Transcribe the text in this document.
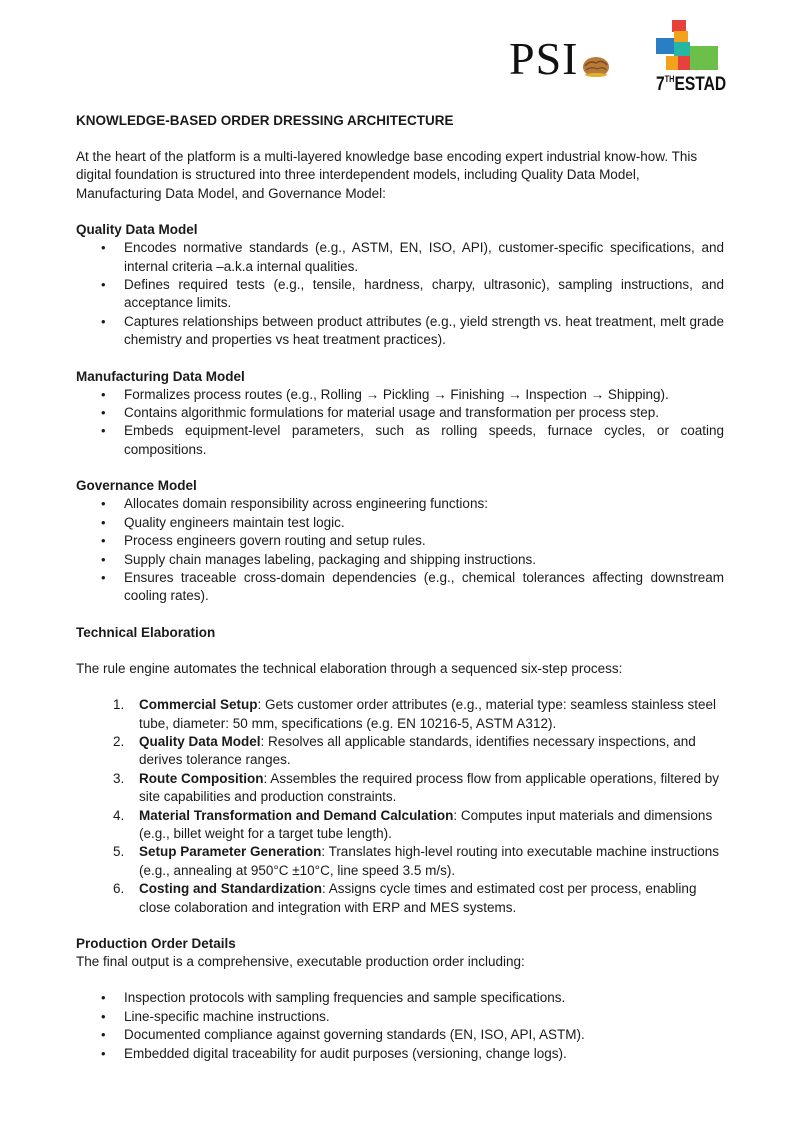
PSI
7THESTAD
KNOWLEDGE-BASED ORDER DRESSING ARCHITECTURE

At the heart of the platform is a multi-layered knowledge base encoding expert industrial know-how. This digital foundation is structured into three interdependent models, including Quality Data Model, Manufacturing Data Model, and Governance Model:

Quality Data Model
• Encodes normative standards (e.g., ASTM, EN, ISO, API), customer-specific specifications, and internal criteria –a.k.a internal qualities.
• Defines required tests (e.g., tensile, hardness, charpy, ultrasonic), sampling instructions, and acceptance limits.
• Captures relationships between product attributes (e.g., yield strength vs. heat treatment, melt grade chemistry and properties vs heat treatment practices).
Manufacturing Data Model
• Formalizes process routes (e.g., Rolling → Pickling → Finishing → Inspection → Shipping).
• Contains algorithmic formulations for material usage and transformation per process step.
• Embeds equipment-level parameters, such as rolling speeds, furnace cycles, or coating compositions.
Governance Model
• Allocates domain responsibility across engineering functions:
• Quality engineers maintain test logic.
• Process engineers govern routing and setup rules.
• Supply chain manages labeling, packaging and shipping instructions.
• Ensures traceable cross-domain dependencies (e.g., chemical tolerances affecting downstream cooling rates).
Technical Elaboration

The rule engine automates the technical elaboration through a sequenced six-step process:

1. Commercial Setup: Gets customer order attributes (e.g., material type: seamless stainless steel tube, diameter: 50 mm, specifications (e.g. EN 10216-5, ASTM A312).
2. Quality Data Model: Resolves all applicable standards, identifies necessary inspections, and derives tolerance ranges.
3. Route Composition: Assembles the required process flow from applicable operations, filtered by site capabilities and production constraints.
4. Material Transformation and Demand Calculation: Computes input materials and dimensions (e.g., billet weight for a target tube length).
5. Setup Parameter Generation: Translates high-level routing into executable machine instructions (e.g., annealing at 950°C ±10°C, line speed 3.5 m/s).
6. Costing and Standardization: Assigns cycle times and estimated cost per process, enabling close colaboration and integration with ERP and MES systems.
Production Order Details

The final output is a comprehensive, executable production order including:

• Inspection protocols with sampling frequencies and sample specifications.
• Line-specific machine instructions.
• Documented compliance against governing standards (EN, ISO, API, ASTM).
• Embedded digital traceability for audit purposes (versioning, change logs).
